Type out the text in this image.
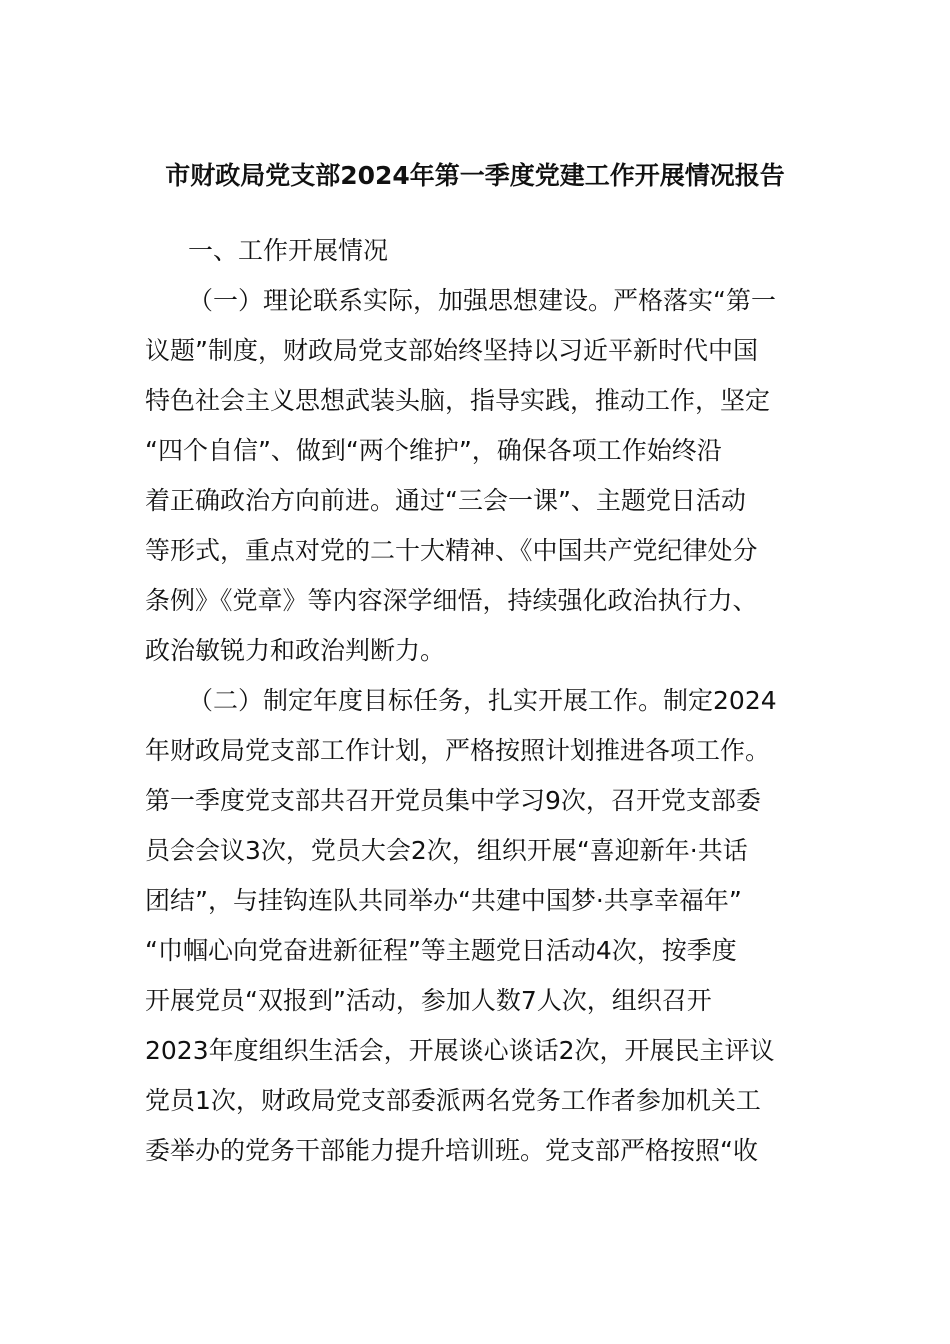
市财政局党支部2024年第一季度党建工作开展情况报告
一、工作开展情况
（一）理论联系实际，加强思想建设。严格落实“第一
议题”制度，财政局党支部始终坚持以习近平新时代中国
特色社会主义思想武装头脑，指导实践，推动工作，坚定
“四个自信”、做到“两个维护”，确保各项工作始终沿
着正确政治方向前进。通过“三会一课”、主题党日活动
等形式，重点对党的二十大精神、《中国共产党纪律处分
条例》《党章》等内容深学细悟，持续强化政治执行力、
政治敏锐力和政治判断力。
（二）制定年度目标任务，扎实开展工作。制定2024
年财政局党支部工作计划，严格按照计划推进各项工作。
第一季度党支部共召开党员集中学习9次，召开党支部委
员会会议3次，党员大会2次，组织开展“喜迎新年·共话
团结”，与挂钩连队共同举办“共建中国梦·共享幸福年”
“巾帼心向党奋进新征程”等主题党日活动4次，按季度
开展党员“双报到”活动，参加人数7人次，组织召开
2023年度组织生活会，开展谈心谈话2次，开展民主评议
党员1次，财政局党支部委派两名党务工作者参加机关工
委举办的党务干部能力提升培训班。党支部严格按照“收
